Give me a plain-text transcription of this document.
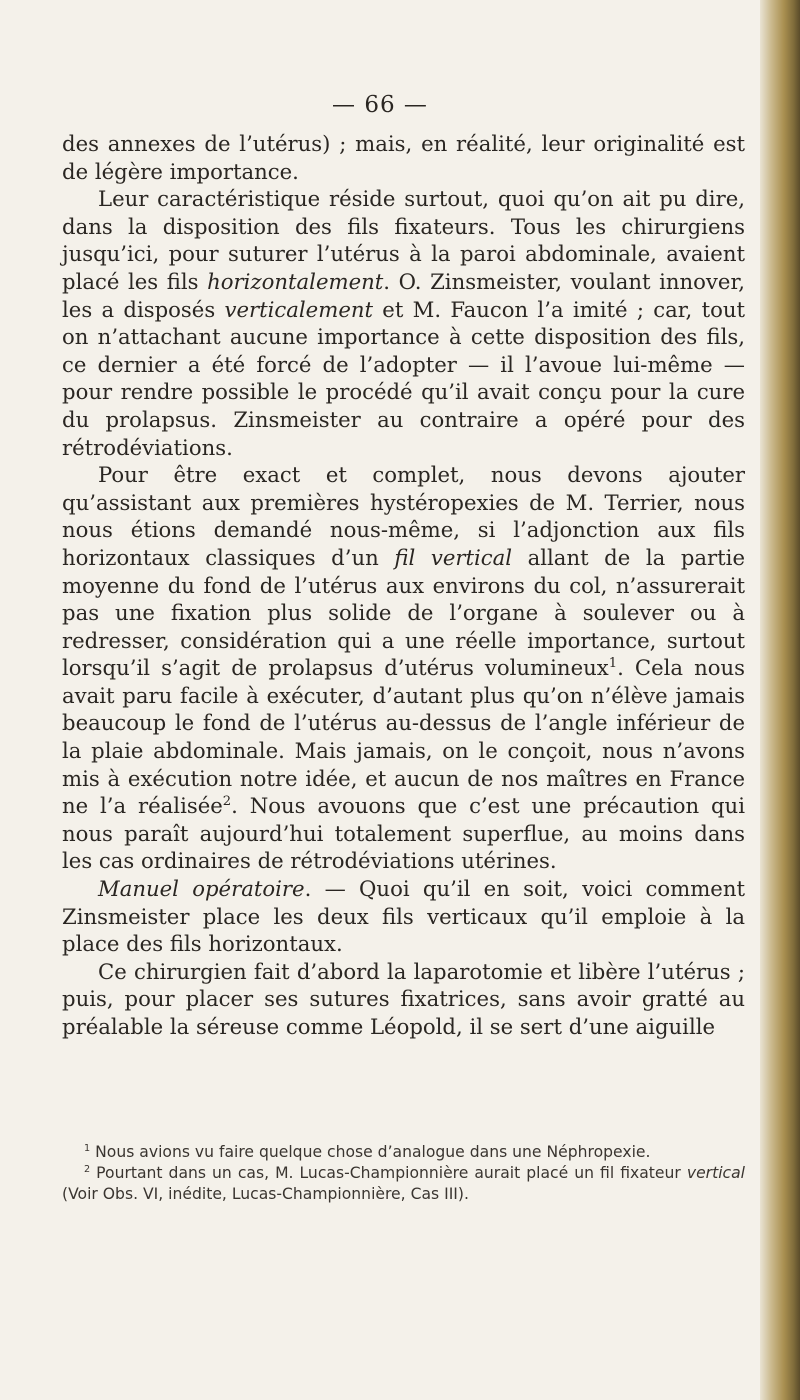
— 66 —

des annexes de l’utérus) ; mais, en réalité, leur originalité est de légère importance.

Leur caractéristique réside surtout, quoi qu’on ait pu dire, dans la disposition des fils fixateurs. Tous les chirurgiens jusqu’ici, pour suturer l’utérus à la paroi abdominale, avaient placé les fils horizontalement. O. Zinsmeister, voulant innover, les a disposés verticalement et M. Faucon l’a imité ; car, tout on n’attachant aucune importance à cette disposition des fils, ce dernier a été forcé de l’adopter — il l’avoue lui-même — pour rendre possible le procédé qu’il avait conçu pour la cure du prolapsus. Zinsmeister au contraire a opéré pour des rétrodéviations.

Pour être exact et complet, nous devons ajouter qu’assistant aux premières hystéropexies de M. Terrier, nous nous étions demandé nous-même, si l’adjonction aux fils horizontaux classiques d’un fil vertical allant de la partie moyenne du fond de l’utérus aux environs du col, n’assurerait pas une fixation plus solide de l’organe à soulever ou à redresser, considération qui a une réelle importance, surtout lorsqu’il s’agit de prolapsus d’utérus volumineux$^1$. Cela nous avait paru facile à exécuter, d’autant plus qu’on n’élève jamais beaucoup le fond de l’utérus au-dessus de l’angle inférieur de la plaie abdominale. Mais jamais, on le conçoit, nous n’avons mis à exécution notre idée, et aucun de nos maîtres en France ne l’a réalisée$^2$. Nous avouons que c’est une précaution qui nous paraît aujourd’hui totalement superflue, au moins dans les cas ordinaires de rétrodéviations utérines.

Manuel opératoire. — Quoi qu’il en soit, voici comment Zinsmeister place les deux fils verticaux qu’il emploie à la place des fils horizontaux.

Ce chirurgien fait d’abord la laparotomie et libère l’utérus ; puis, pour placer ses sutures fixatrices, sans avoir gratté au préalable la séreuse comme Léopold, il se sert d’une aiguille

$^1$ Nous avions vu faire quelque chose d’analogue dans une Néphropexie.

$^2$ Pourtant dans un cas, M. Lucas-Championnière aurait placé un fil fixateur vertical (Voir Obs. VI, inédite, Lucas-Championnière, Cas III).
